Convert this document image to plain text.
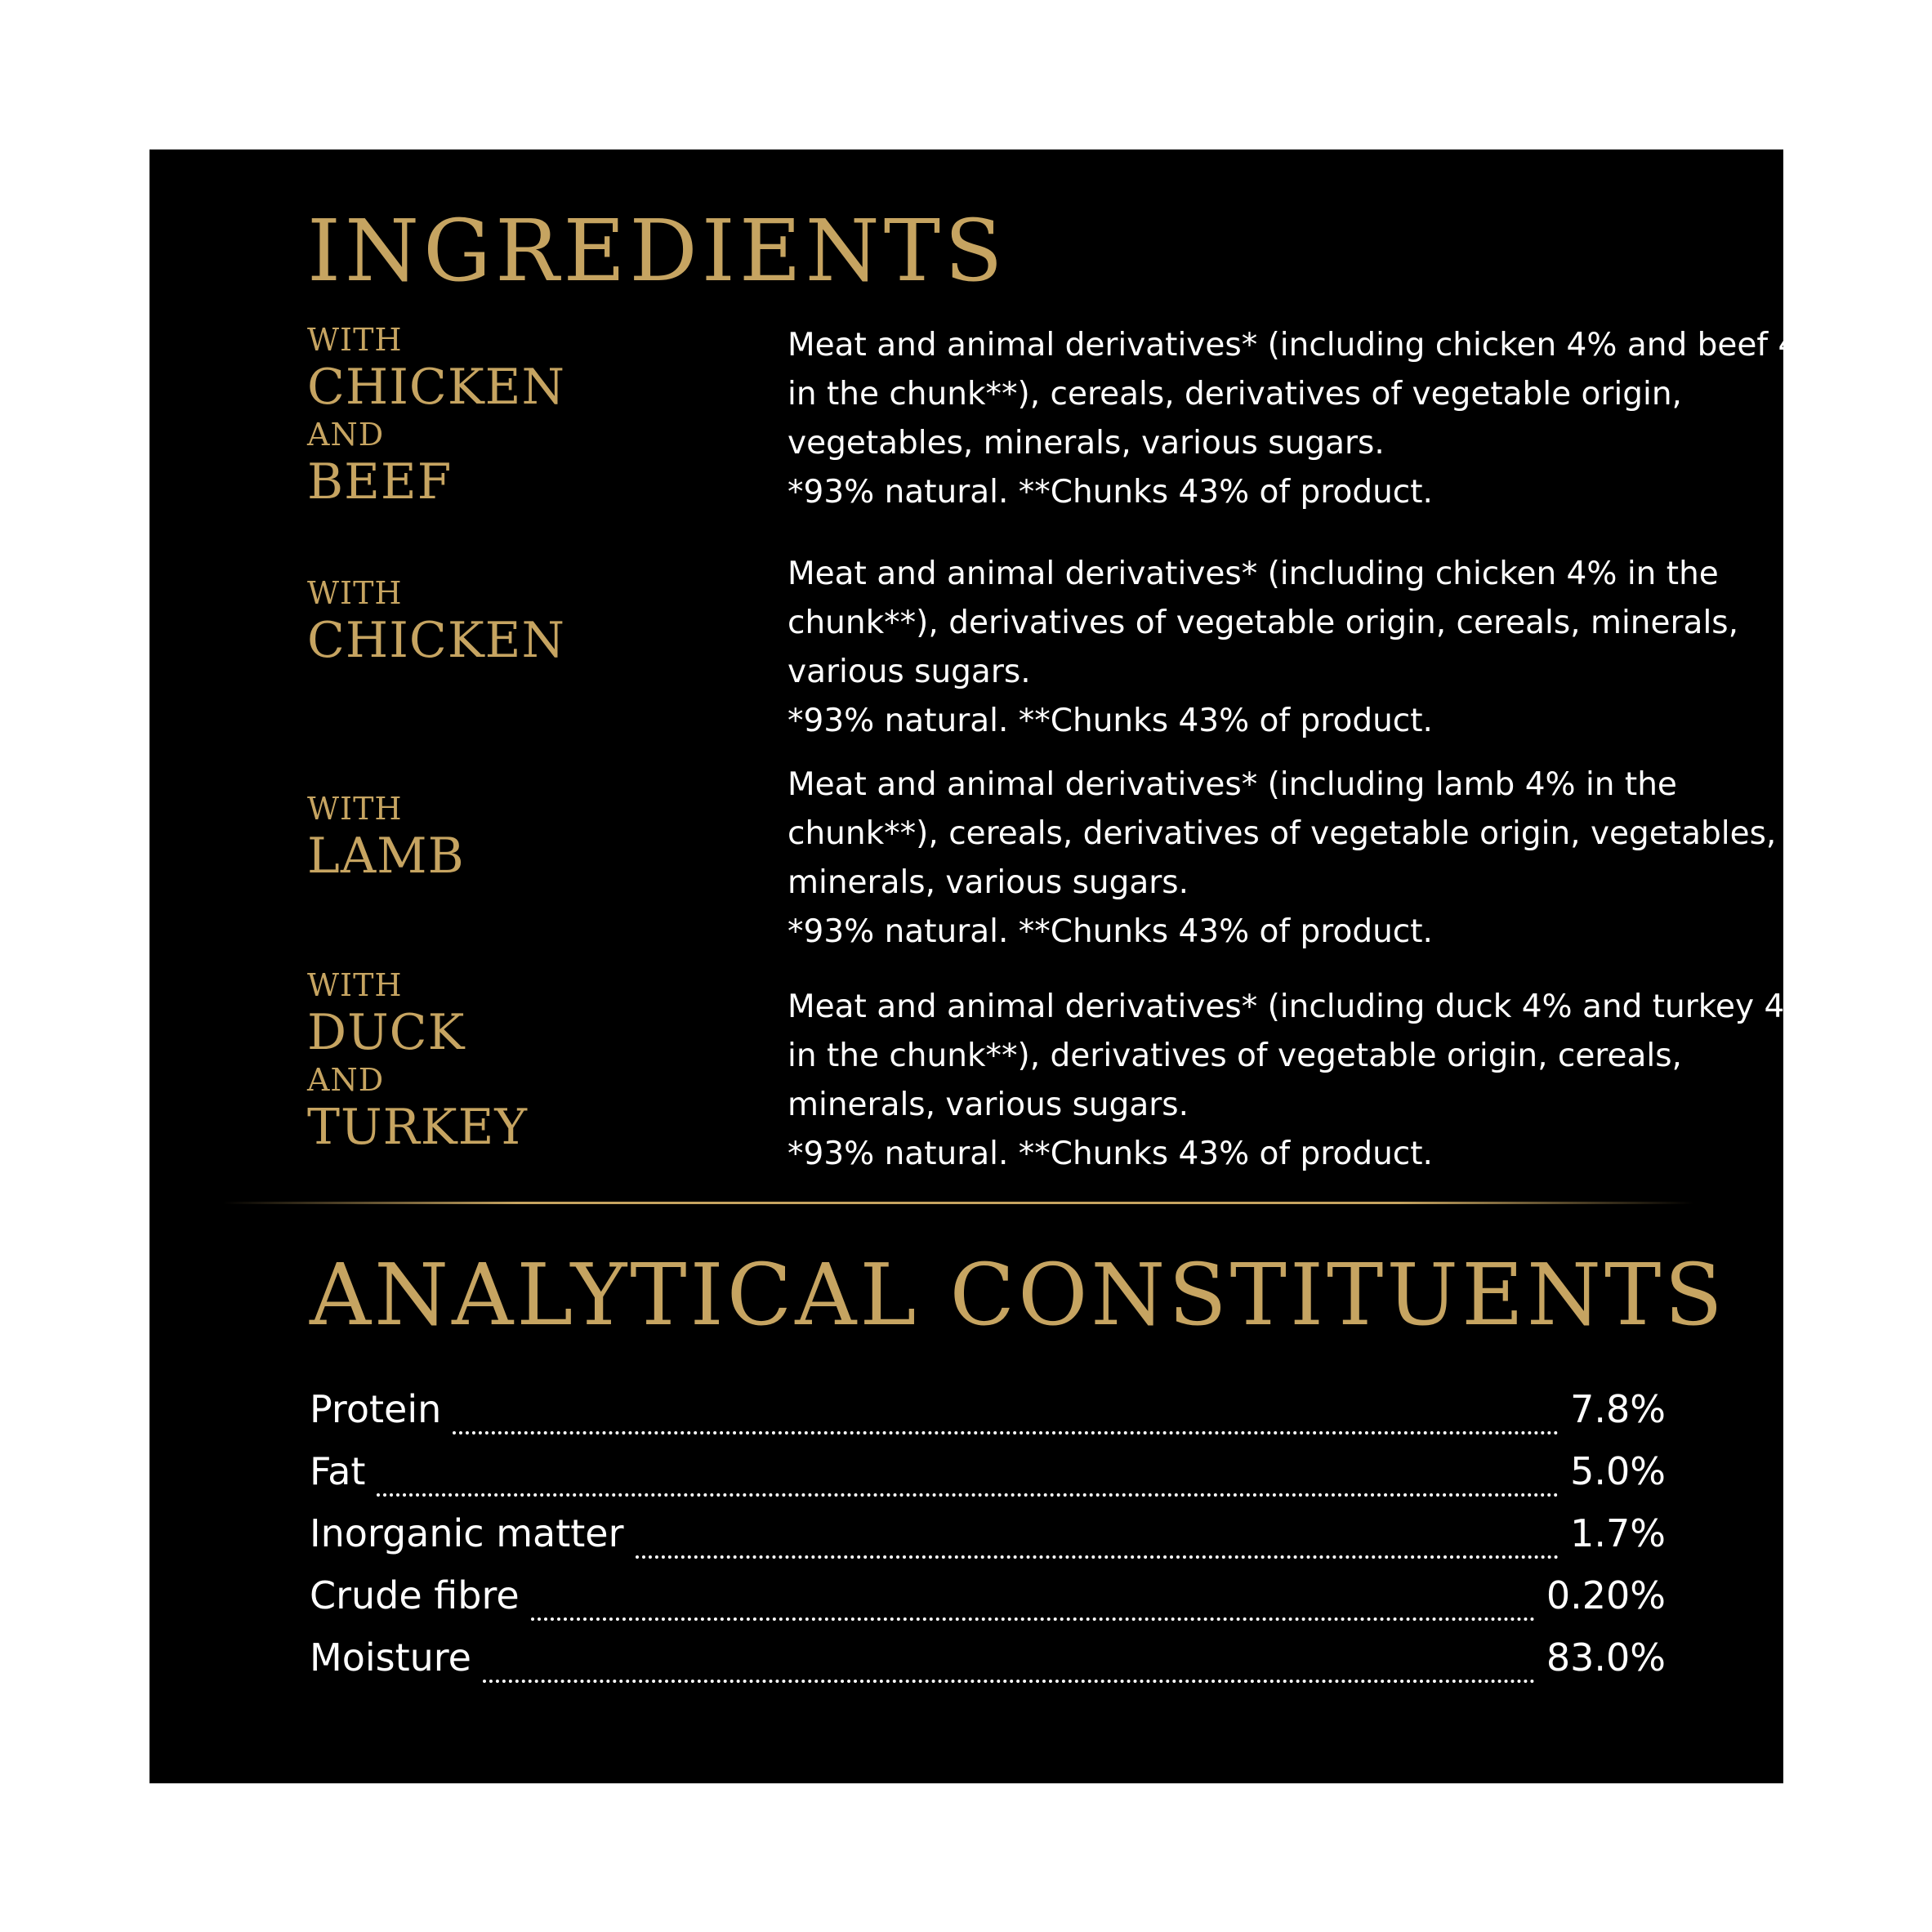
INGREDIENTS
WITH
CHICKEN
AND
BEEF
Meat and animal derivatives* (including chicken 4% and beef 4%
in the chunk**), cereals, derivatives of vegetable origin,
vegetables, minerals, various sugars.
*93% natural. **Chunks 43% of product.
WITH
CHICKEN
Meat and animal derivatives* (including chicken 4% in the
chunk**), derivatives of vegetable origin, cereals, minerals,
various sugars.
*93% natural. **Chunks 43% of product.
WITH
LAMB
Meat and animal derivatives* (including lamb 4% in the
chunk**), cereals, derivatives of vegetable origin, vegetables,
minerals, various sugars.
*93% natural. **Chunks 43% of product.
WITH
DUCK
AND
TURKEY
Meat and animal derivatives* (including duck 4% and turkey 4%
in the chunk**), derivatives of vegetable origin, cereals,
minerals, various sugars.
*93% natural. **Chunks 43% of product.
ANALYTICAL CONSTITUENTS
Protein	7.8%
Fat	5.0%
Inorganic matter	1.7%
Crude fibre	0.20%
Moisture	83.0%
